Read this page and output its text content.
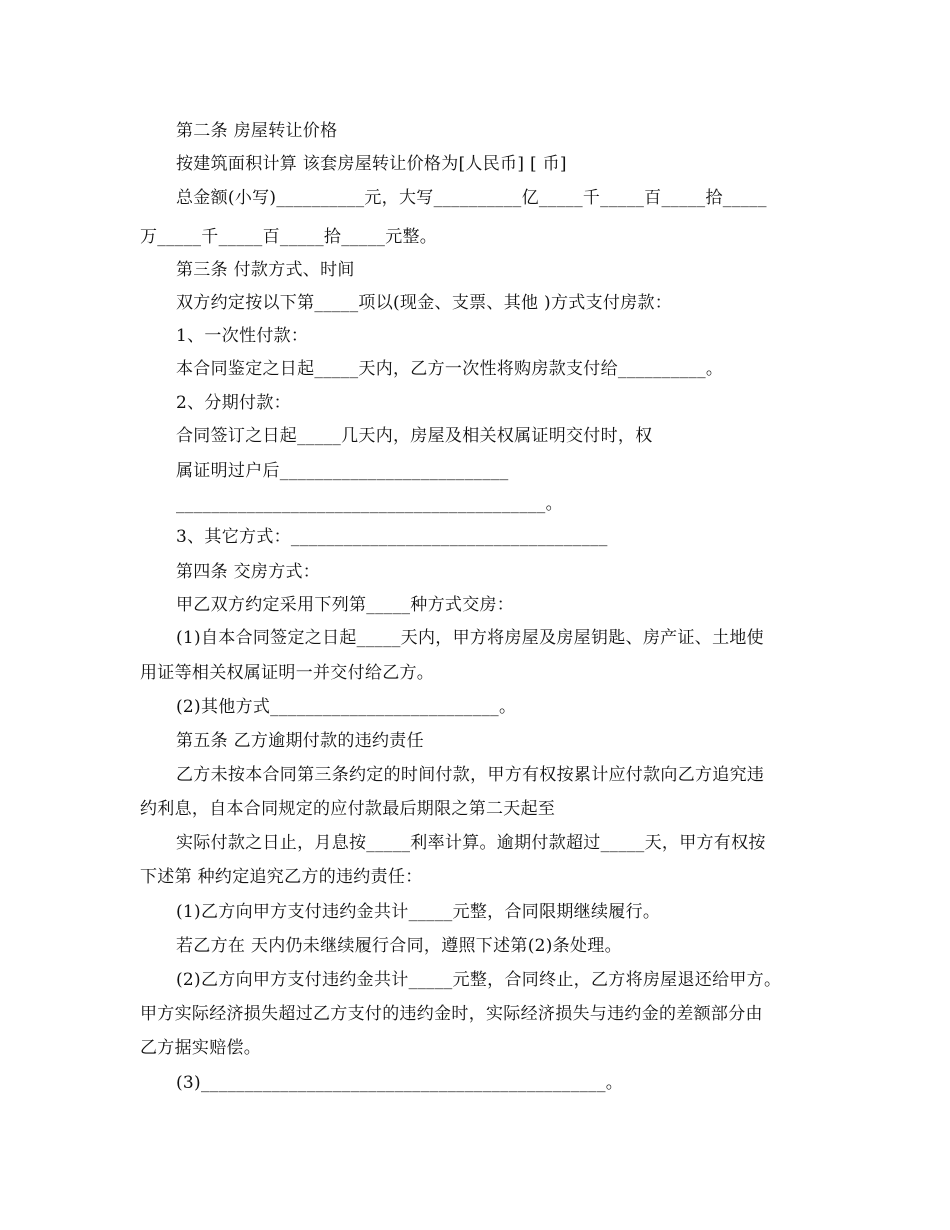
第二条 房屋转让价格
按建筑面积计算 该套房屋转让价格为[人民币] [ 币]
总金额(小写)__________元，大写__________亿_____千_____百_____拾_____
万_____千_____百_____拾_____元整。
第三条 付款方式、时间
双方约定按以下第_____项以(现金、支票、其他 )方式支付房款：
1、一次性付款：
本合同鉴定之日起_____天内，乙方一次性将购房款支付给__________。
2、分期付款：
合同签订之日起_____几天内，房屋及相关权属证明交付时，权
属证明过户后__________________________
__________________________________________。
3、其它方式：____________________________________
第四条 交房方式：
甲乙双方约定采用下列第_____种方式交房：
(1)自本合同签定之日起_____天内，甲方将房屋及房屋钥匙、房产证、土地使
用证等相关权属证明一并交付给乙方。
(2)其他方式__________________________。
第五条 乙方逾期付款的违约责任
乙方未按本合同第三条约定的时间付款，甲方有权按累计应付款向乙方追究违
约利息，自本合同规定的应付款最后期限之第二天起至
实际付款之日止，月息按_____利率计算。逾期付款超过_____天，甲方有权按
下述第 种约定追究乙方的违约责任：
(1)乙方向甲方支付违约金共计_____元整，合同限期继续履行。
若乙方在 天内仍未继续履行合同，遵照下述第(2)条处理。
(2)乙方向甲方支付违约金共计_____元整，合同终止，乙方将房屋退还给甲方。
甲方实际经济损失超过乙方支付的违约金时，实际经济损失与违约金的差额部分由
乙方据实赔偿。
(3)______________________________________________。
